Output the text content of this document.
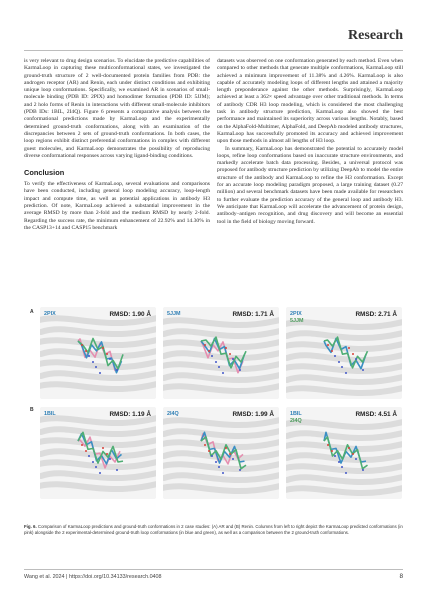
Research

is very relevant to drug design scenarios. To elucidate the predictive capabilities of KarmaLoop in capturing these multiconformational states, we investigated the ground-truth structure of 2 well-documented protein families from PDB: the androgen receptor (AR) and Renin, each under distinct conditions and exhibiting unique loop conformations. Specifically, we examined AR in scenarios of small-molecule binding (PDB ID: 2PIX) and homodimer formation (PDB ID: 5JJM); and 2 holo forms of Renin in interactions with different small-molecule inhibitors (PDB IDs: 1BIL, 2I4Q). Figure 6 presents a comparative analysis between the conformational predictions made by KarmaLoop and the experimentally determined ground-truth conformations, along with an examination of the discrepancies between 2 sets of ground-truth conformations. In both cases, the loop regions exhibit distinct preferential conformations in complex with different guest molecules, and KarmaLoop demonstrates the possibility of reproducing diverse conformational responses across varying ligand-binding conditions.

Conclusion

To verify the effectiveness of KarmaLoop, several evaluations and comparisons have been conducted, including general loop modeling accuracy, loop-length impact and compute time, as well as potential applications in antibody H3 prediction. Of note, KarmaLoop achieved a substantial improvement in the average RMSD by more than 2-fold and the medium RMSD by nearly 2-fold. Regarding the success rate, the minimum enhancement of 22.92% and 14.30% in the CASP13+14 and CASP15 benchmark

datasets was observed on one conformation generated by each method. Even when compared to other methods that generate multiple conformations, KarmaLoop still achieved a minimum improvement of 11.38% and 4.26%. KarmaLoop is also capable of accurately modeling loops of different lengths and attained a majority length preponderance against the other methods. Surprisingly, KarmaLoop achieved at least a 362× speed advantage over other traditional methods. In terms of antibody CDR H3 loop modeling, which is considered the most challenging task in antibody structure prediction, KarmaLoop also showed the best performance and maintained its superiority across various lengths. Notably, based on the AlphaFold-Multimer, AlphaFold, and DeepAb modeled antibody structures, KarmaLoop has successfully promoted its accuracy and achieved improvement upon those methods in almost all lengths of H3 loop.

In summary, KarmaLoop has demonstrated the potential to accurately model loops, refine loop conformations based on inaccurate structure environments, and markedly accelerate batch data processing. Besides, a universal protocol was proposed for antibody structure prediction by utilizing DeepAb to model the entire structure of the antibody and KarmaLoop to refine the H3 conformation. Except for an accurate loop modeling paradigm proposed, a large training dataset (0.27 million) and several benchmark datasets have been made available for researchers to further evaluate the prediction accuracy of the general loop and antibody H3. We anticipate that KarmaLoop will accelerate the advancement of protein design, antibody–antigen recognition, and drug discovery and will become an essential tool in the field of biology moving forward.

A
B
2PIX	RMSD: 1.90 Å	5JJM	RMSD: 1.71 Å	2PIX
5JJM
RMSD: 2.71 Å
1BIL	RMSD: 1.19 Å	2I4Q	RMSD: 1.99 Å	1BIL
2I4Q
RMSD: 4.51 Å
Fig. 6. Comparison of KarmaLoop predictions and ground-truth conformations in 2 case studies: (A) AR and (B) Renin. Columns from left to right depict the KarmaLoop predicted conformations (in pink) alongside the 2 experimental-determined ground-truth loop conformations (in blue and green), as well as a comparison between the 2 ground-truth conformations.
Wang et al. 2024 | https://doi.org/10.34133/research.0408	8
